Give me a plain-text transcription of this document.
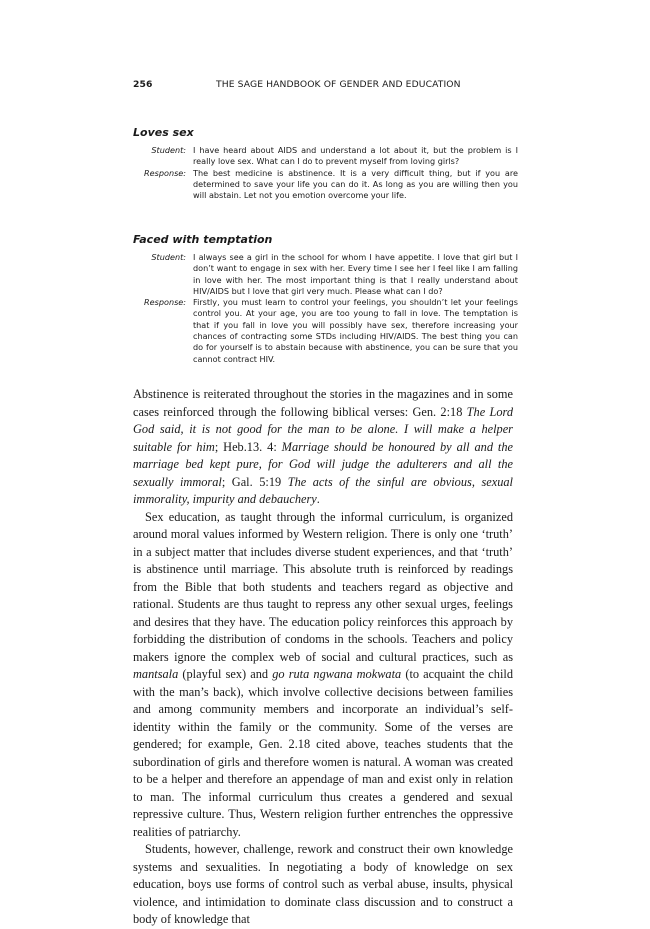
256	THE SAGE HANDBOOK OF GENDER AND EDUCATION
Loves sex
Student: I have heard about AIDS and understand a lot about it, but the problem is I really love sex. What can I do to prevent myself from loving girls?
Response: The best medicine is abstinence. It is a very difficult thing, but if you are determined to save your life you can do it. As long as you are willing then you will abstain. Let not you emotion overcome your life.
Faced with temptation
Student: I always see a girl in the school for whom I have appetite. I love that girl but I don’t want to engage in sex with her. Every time I see her I feel like I am falling in love with her. The most important thing is that I really understand about HIV/AIDS but I love that girl very much. Please what can I do?
Response: Firstly, you must learn to control your feelings, you shouldn’t let your feelings control you. At your age, you are too young to fall in love. The temptation is that if you fall in love you will possibly have sex, therefore increasing your chances of contracting some STDs including HIV/AIDS. The best thing you can do for yourself is to abstain because with abstinence, you can be sure that you cannot contract HIV.

Abstinence is reiterated throughout the stories in the magazines and in some cases reinforced through the following biblical verses: Gen. 2:18 The Lord God said, it is not good for the man to be alone. I will make a helper suitable for him; Heb.13. 4: Marriage should be honoured by all and the marriage bed kept pure, for God will judge the adulterers and all the sexually immoral; Gal. 5:19 The acts of the sinful are obvious, sexual immorality, impurity and debauchery.

Sex education, as taught through the informal curriculum, is organized around moral values informed by Western religion. There is only one ‘truth’ in a subject matter that includes diverse student experiences, and that ‘truth’ is abstinence until marriage. This absolute truth is reinforced by readings from the Bible that both students and teachers regard as objective and rational. Students are thus taught to repress any other sexual urges, feelings and desires that they have. The education policy reinforces this approach by forbidding the distribution of condoms in the schools. Teachers and policy makers ignore the complex web of social and cultural practices, such as mantsala (playful sex) and go ruta ngwana mokwata (to acquaint the child with the man’s back), which involve collective decisions between families and among community members and incorporate an individual’s self-identity within the family or the community. Some of the verses are gendered; for example, Gen. 2.18 cited above, teaches students that the subordination of girls and therefore women is natural. A woman was created to be a helper and therefore an appendage of man and exist only in relation to man. The informal curriculum thus creates a gendered and sexual repressive culture. Thus, Western religion further entrenches the oppressive realities of patriarchy.

Students, however, challenge, rework and construct their own knowledge systems and sexualities. In negotiating a body of knowledge on sex education, boys use forms of control such as verbal abuse, insults, physical violence, and intimidation to dominate class discussion and to construct a body of knowledge that
